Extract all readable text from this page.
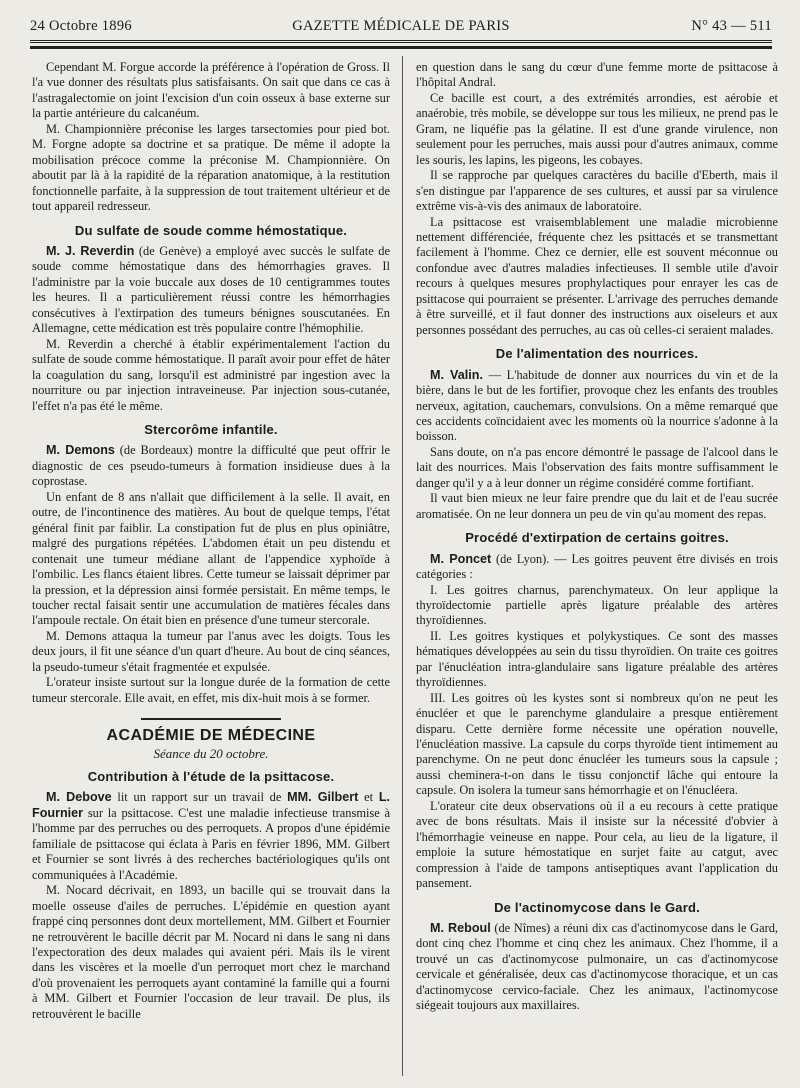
24 Octobre 1896	GAZETTE MÉDICALE DE PARIS	N° 43 — 511

Cependant M. Forgue accorde la préférence à l'opération de Gross. Il l'a vue donner des résultats plus satisfaisants. On sait que dans ce cas à l'astragalectomie on joint l'excision d'un coin osseux à base externe sur la partie antérieure du calcanéum.

M. Championnière préconise les larges tarsectomies pour pied bot. M. Forgne adopte sa doctrine et sa pratique. De même il adopte la mobilisation précoce comme la préconise M. Championnière. On aboutit par là à la rapidité de la réparation anatomique, à la restitution fonctionnelle parfaite, à la suppression de tout traitement ultérieur et de tout appareil redresseur.

Du sulfate de soude comme hémostatique.

M. J. Reverdin (de Genève) a employé avec succès le sulfate de soude comme hémostatique dans des hémorrhagies graves. Il l'administre par la voie buccale aux doses de 10 centigrammes toutes les heures. Il a particulièrement réussi contre les hémorrhagies consécutives à l'extirpation des tumeurs bénignes souscutanées. En Allemagne, cette médication est très populaire contre l'hémophilie.

M. Reverdin a cherché à établir expérimentalement l'action du sulfate de soude comme hémostatique. Il paraît avoir pour effet de hâter la coagulation du sang, lorsqu'il est administré par ingestion avec la nourriture ou par injection intraveineuse. Par injection sous-cutanée, l'effet n'a pas été le même.

Stercorôme infantile.

M. Demons (de Bordeaux) montre la difficulté que peut offrir le diagnostic de ces pseudo-tumeurs à formation insidieuse dues à la coprostase.

Un enfant de 8 ans n'allait que difficilement à la selle. Il avait, en outre, de l'incontinence des matières. Au bout de quelque temps, l'état général finit par faiblir. La constipation fut de plus en plus opiniâtre, malgré des purgations répétées. L'abdomen était un peu distendu et contenait une tumeur médiane allant de l'appendice xyphoïde à l'ombilic. Les flancs étaient libres. Cette tumeur se laissait déprimer par la pression, et la dépression ainsi formée persistait. En même temps, le toucher rectal faisait sentir une accumulation de matières fécales dans l'ampoule rectale. On était bien en présence d'une tumeur stercorale.

M. Demons attaqua la tumeur par l'anus avec les doigts. Tous les deux jours, il fit une séance d'un quart d'heure. Au bout de cinq séances, la pseudo-tumeur s'était fragmentée et expulsée.

L'orateur insiste surtout sur la longue durée de la formation de cette tumeur stercorale. Elle avait, en effet, mis dix-huit mois à se former.

ACADÉMIE DE MÉDECINE
Séance du 20 octobre.
Contribution à l'étude de la psittacose.

M. Debove lit un rapport sur un travail de MM. Gilbert et L. Fournier sur la psittacose. C'est une maladie infectieuse transmise à l'homme par des perruches ou des perroquets. A propos d'une épidémie familiale de psittacose qui éclata à Paris en février 1896, MM. Gilbert et Fournier se sont livrés à des recherches bactériologiques qu'ils ont communiquées à l'Académie.

M. Nocard décrivait, en 1893, un bacille qui se trouvait dans la moelle osseuse d'ailes de perruches. L'épidémie en question ayant frappé cinq personnes dont deux mortellement, MM. Gilbert et Fournier ne retrouvèrent le bacille décrit par M. Nocard ni dans le sang ni dans l'expectoration des deux malades qui avaient péri. Mais ils le virent dans les viscères et la moelle d'un perroquet mort chez le marchand d'où provenaient les perroquets ayant contaminé la famille qui a fourni à MM. Gilbert et Fournier l'occasion de leur travail. De plus, ils retrouvèrent le bacille

en question dans le sang du cœur d'une femme morte de psittacose à l'hôpital Andral.

Ce bacille est court, a des extrémités arrondies, est aérobie et anaérobie, très mobile, se développe sur tous les milieux, ne prend pas le Gram, ne liquéfie pas la gélatine. Il est d'une grande virulence, non seulement pour les perruches, mais aussi pour d'autres animaux, comme les souris, les lapins, les pigeons, les cobayes.

Il se rapproche par quelques caractères du bacille d'Eberth, mais il s'en distingue par l'apparence de ses cultures, et aussi par sa virulence extrême vis-à-vis des animaux de laboratoire.

La psittacose est vraisemblablement une maladie microbienne nettement différenciée, fréquente chez les psittacés et se transmettant facilement à l'homme. Chez ce dernier, elle est souvent méconnue ou confondue avec d'autres maladies infectieuses. Il semble utile d'avoir recours à quelques mesures prophylactiques pour enrayer les cas de psittacose qui pourraient se présenter. L'arrivage des perruches demande à être surveillé, et il faut donner des instructions aux oiseleurs et aux personnes possédant des perruches, au cas où celles-ci seraient malades.

De l'alimentation des nourrices.

M. Valin. — L'habitude de donner aux nourrices du vin et de la bière, dans le but de les fortifier, provoque chez les enfants des troubles nerveux, agitation, cauchemars, convulsions. On a même remarqué que ces accidents coïncidaient avec les moments où la nourrice s'adonne à la boisson.

Sans doute, on n'a pas encore démontré le passage de l'alcool dans le lait des nourrices. Mais l'observation des faits montre suffisamment le danger qu'il y a à leur donner un régime considéré comme fortifiant.

Il vaut bien mieux ne leur faire prendre que du lait et de l'eau sucrée aromatisée. On ne leur donnera un peu de vin qu'au moment des repas.

Procédé d'extirpation de certains goitres.

M. Poncet (de Lyon). — Les goitres peuvent être divisés en trois catégories :

I. Les goitres charnus, parenchymateux. On leur applique la thyroïdectomie partielle après ligature préalable des artères thyroïdiennes.

II. Les goitres kystiques et polykystiques. Ce sont des masses hématiques développées au sein du tissu thyroïdien. On traite ces goitres par l'énucléation intra-glandulaire sans ligature préalable des artères thyroïdiennes.

III. Les goitres où les kystes sont si nombreux qu'on ne peut les énucléer et que le parenchyme glandulaire a presque entièrement disparu. Cette dernière forme nécessite une opération nouvelle, l'énucléation massive. La capsule du corps thyroïde tient intimement au parenchyme. On ne peut donc énucléer les tumeurs sous la capsule ; aussi cheminera-t-on dans le tissu conjonctif lâche qui entoure la capsule. On isolera la tumeur sans hémorrhagie et on l'énucléera.

L'orateur cite deux observations où il a eu recours à cette pratique avec de bons résultats. Mais il insiste sur la nécessité d'obvier à l'hémorrhagie veineuse en nappe. Pour cela, au lieu de la ligature, il emploie la suture hémostatique en surjet faite au catgut, avec compression à l'aide de tampons antiseptiques avant l'application du pansement.

De l'actinomycose dans le Gard.

M. Reboul (de Nîmes) a réuni dix cas d'actinomycose dans le Gard, dont cinq chez l'homme et cinq chez les animaux. Chez l'homme, il a trouvé un cas d'actinomycose pulmonaire, un cas d'actinomycose cervicale et généralisée, deux cas d'actinomycose thoracique, et un cas d'actinomycose cervico-faciale. Chez les animaux, l'actinomycose siégeait toujours aux maxillaires.
